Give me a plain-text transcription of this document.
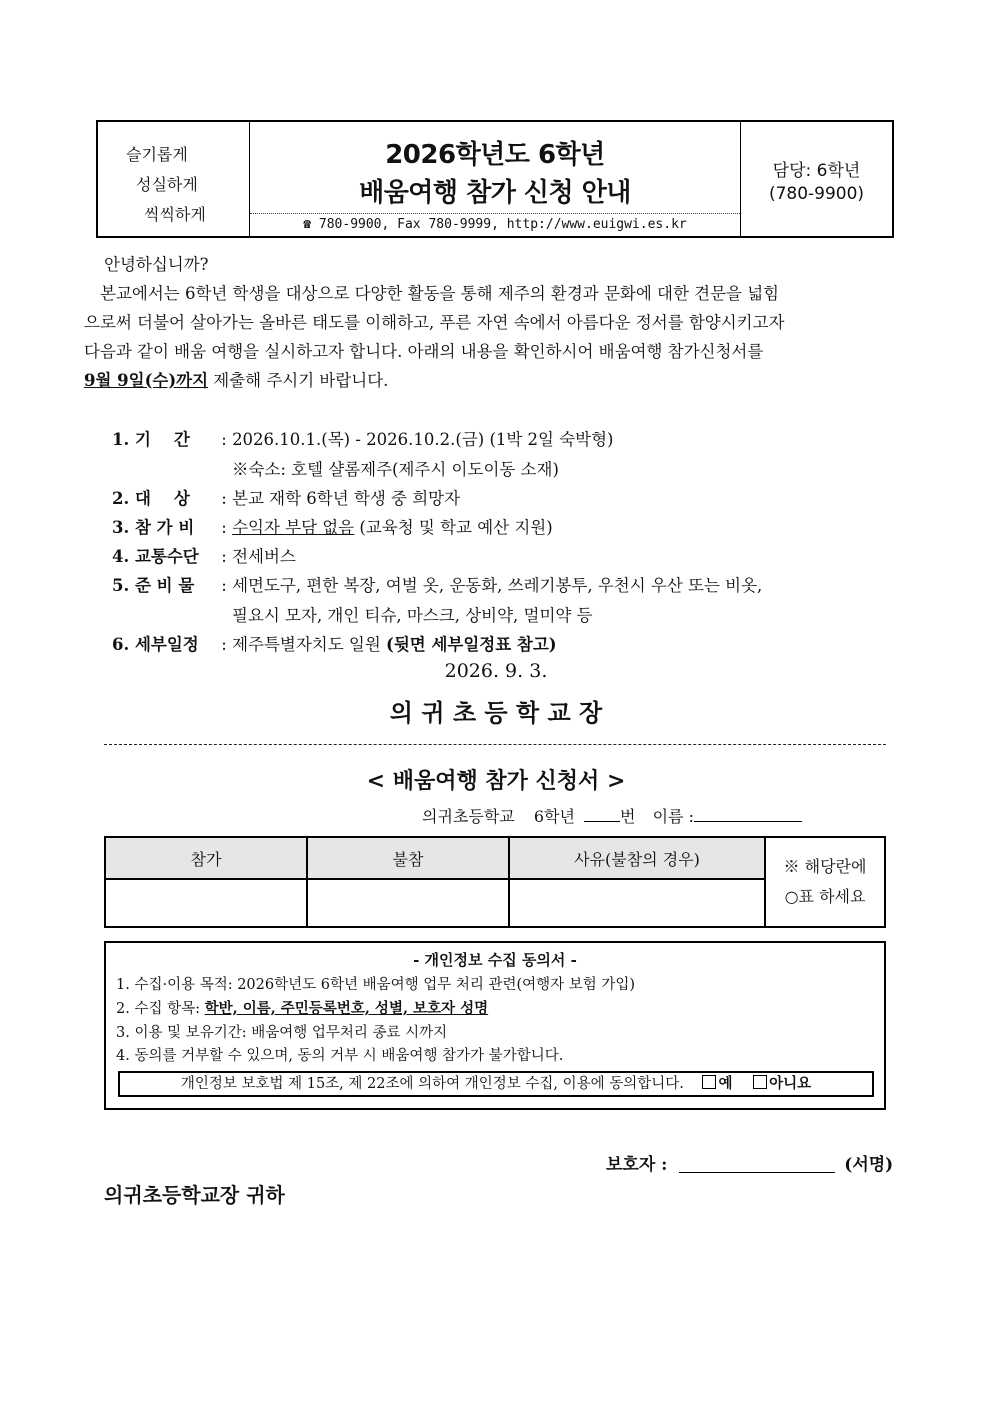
슬기롭게
성실하게
씩씩하게
2026학년도 6학년
배움여행 참가 신청 안내
☎ 780-9900, Fax 780-9999, http://www.euigwi.es.kr
담당: 6학년
(780-9900)
안녕하십니까?
본교에서는 6학년 학생을 대상으로 다양한 활동을 통해 제주의 환경과 문화에 대한 견문을 넓힘
으로써 더불어 살아가는 올바른 태도를 이해하고, 푸른 자연 속에서 아름다운 정서를 함양시키고자
다음과 같이 배움 여행을 실시하고자 합니다. 아래의 내용을 확인하시어 배움여행 참가신청서를
9월 9일(수)까지 제출해 주시기 바랍니다.
1. 기    간 : 2026.10.1.(목) - 2026.10.2.(금) (1박 2일 숙박형)
※숙소: 호텔 샬롬제주(제주시 이도이동 소재)
2. 대    상 : 본교 재학 6학년 학생 중 희망자
3. 참 가 비 : 수익자 부담 없음 (교육청 및 학교 예산 지원)
4. 교통수단 : 전세버스
5. 준 비 물 : 세면도구, 편한 복장, 여벌 옷, 운동화, 쓰레기봉투, 우천시 우산 또는 비옷,
필요시 모자, 개인 티슈, 마스크, 상비약, 멀미약 등
6. 세부일정 : 제주특별자치도 일원 (뒷면 세부일정표 참고)
2026. 9. 3.
의 귀 초 등 학 교 장
< 배움여행 참가 신청서 >
의귀초등학교 6학년	번 이름 :
참가	불참	사유(불참의 경우)	※ 해당란에
○표 하세요

- 개인정보 수집 동의서 -
1. 수집·이용 목적: 2026학년도 6학년 배움여행 업무 처리 관련(여행자 보험 가입)
2. 수집 항목: 학반, 이름, 주민등록번호, 성별, 보호자 성명
3. 이용 및 보유기간: 배움여행 업무처리 종료 시까지
4. 동의를 거부할 수 있으며, 동의 거부 시 배움여행 참가가 불가합니다.
개인정보 보호법 제 15조, 제 22조에 의하여 개인정보 수집, 이용에 동의합니다. 예	아니요
보호자 :	(서명)
의귀초등학교장 귀하
